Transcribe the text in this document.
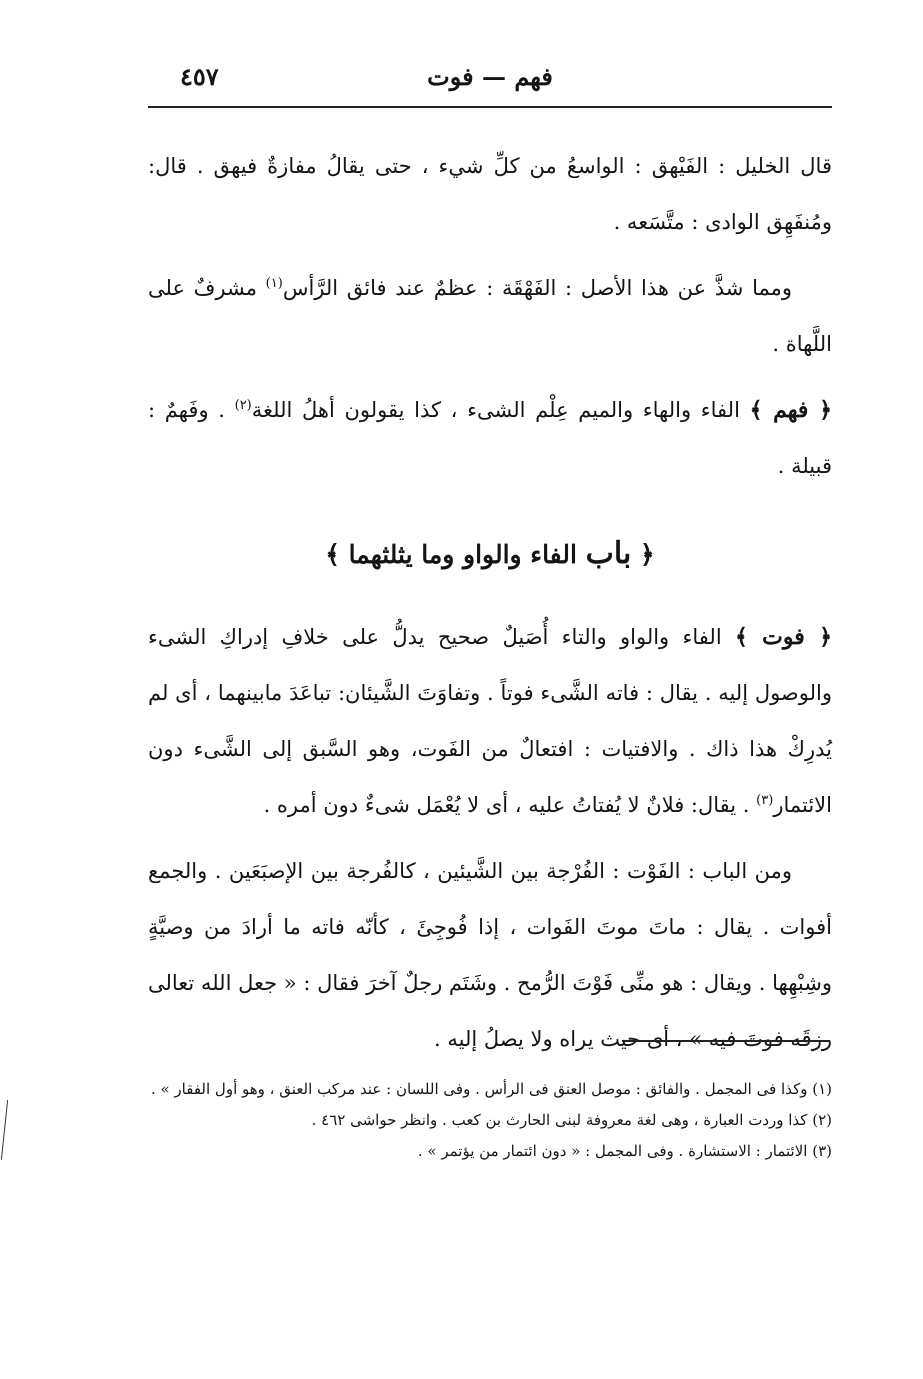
فهم — فوت
٤٥٧

قال الخليل : الفَيْهق : الواسعُ من كلِّ شيء ، حتى يقالُ مفازةٌ فيهق . قال: ومُنفَهِق الوادى : متَّسَعه .

ومما شذَّ عن هذا الأصل : الفَهْقَة : عظمٌ عند فائق الرَّأس$^{(١)}$ مشرفٌ على اللَّهاة .

﴿ فهم ﴾ الفاء والهاء والميم عِلْم الشىء ، كذا يقولون أهلُ اللغة$^{(٢)}$ . وفَهمٌ : قبيلة .

﴿ باب الفاء والواو وما يثلثهما ﴾

﴿ فوت ﴾ الفاء والواو والتاء أُصَيلٌ صحيح يدلُّ على خلافِ إدراكِ الشىء والوصول إليه . يقال : فاته الشَّىء فوتاً . وتفاوَتَ الشَّيئان: تباعَدَ مابينهما ، أى لم يُدرِكْ هذا ذاك . والافتيات : افتعالٌ من الفَوت، وهو السَّبق إلى الشَّىء دون الائتمار$^{(٣)}$ . يقال: فلانٌ لا يُفتاتُ عليه ، أى لا يُعْمَل شىءٌ دون أمره .

ومن الباب : الفَوْت : الفُرْجة بين الشَّيئين ، كالفُرجة بين الإصبَعَين . والجمع أفوات . يقال : ماتَ موتَ الفَوات ، إذا فُوجِئَ ، كأنّه فاته ما أرادَ من وصيَّةٍ وشِبْهِها . ويقال : هو منِّى فَوْتَ الرُّمح . وشَتَم رجلٌ آخرَ فقال : « جعل الله تعالى رزقَه فوتَ فيه » ، أى حيث يراه ولا يصلُ إليه .

(١) وكذا فى المجمل . والفائق : موصل العنق فى الرأس . وفى اللسان : عند مركب العنق ، وهو أول الفقار » .

(٢) كذا وردت العبارة ، وهى لغة معروفة لبنى الحارث بن كعب . وانظر حواشى ٤٦٢ .

(٣) الائتمار : الاستشارة . وفى المجمل : « دون ائتمار من يؤتمر » .
